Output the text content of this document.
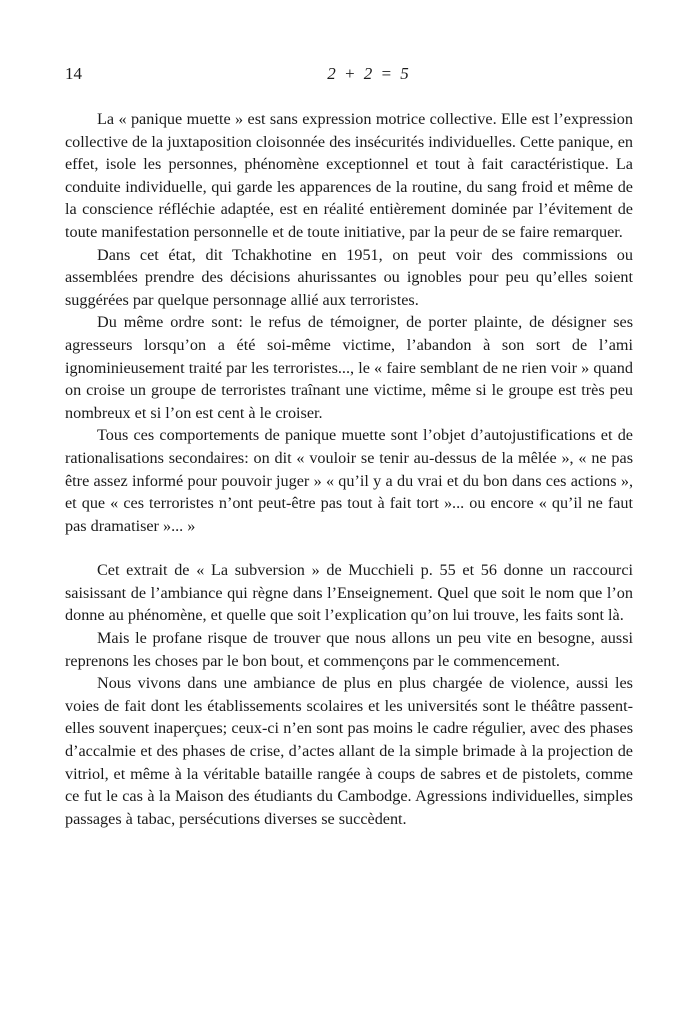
14	2 + 2 = 5

La « panique muette » est sans expression motrice collective. Elle est l’expression collective de la juxtaposition cloisonnée des insécurités individuelles. Cette panique, en effet, isole les personnes, phénomène exceptionnel et tout à fait caractéristique. La conduite individuelle, qui garde les apparences de la routine, du sang froid et même de la conscience réfléchie adaptée, est en réalité entièrement dominée par l’évitement de toute manifestation personnelle et de toute initiative, par la peur de se faire remarquer.

Dans cet état, dit Tchakhotine en 1951, on peut voir des commissions ou assemblées prendre des décisions ahurissantes ou ignobles pour peu qu’elles soient suggérées par quelque personnage allié aux terroristes.

Du même ordre sont: le refus de témoigner, de porter plainte, de désigner ses agresseurs lorsqu’on a été soi-même victime, l’abandon à son sort de l’ami ignominieusement traité par les terroristes..., le « faire semblant de ne rien voir » quand on croise un groupe de terroristes traînant une victime, même si le groupe est très peu nombreux et si l’on est cent à le croiser.

Tous ces comportements de panique muette sont l’objet d’autojustifications et de rationalisations secondaires: on dit « vouloir se tenir au-dessus de la mêlée », « ne pas être assez informé pour pouvoir juger » « qu’il y a du vrai et du bon dans ces actions », et que « ces terroristes n’ont peut-être pas tout à fait tort »... ou encore « qu’il ne faut pas dramatiser »... »

Cet extrait de « La subversion » de Mucchieli p. 55 et 56 donne un raccourci saisissant de l’ambiance qui règne dans l’Enseignement. Quel que soit le nom que l’on donne au phénomène, et quelle que soit l’explication qu’on lui trouve, les faits sont là.

Mais le profane risque de trouver que nous allons un peu vite en besogne, aussi reprenons les choses par le bon bout, et commençons par le commencement.

Nous vivons dans une ambiance de plus en plus chargée de violence, aussi les voies de fait dont les établissements scolaires et les universités sont le théâtre passent-elles souvent inaperçues; ceux-ci n’en sont pas moins le cadre régulier, avec des phases d’accalmie et des phases de crise, d’actes allant de la simple brimade à la projection de vitriol, et même à la véritable bataille rangée à coups de sabres et de pistolets, comme ce fut le cas à la Maison des étudiants du Cambodge. Agressions individuelles, simples passages à tabac, persécutions diverses se succèdent.
